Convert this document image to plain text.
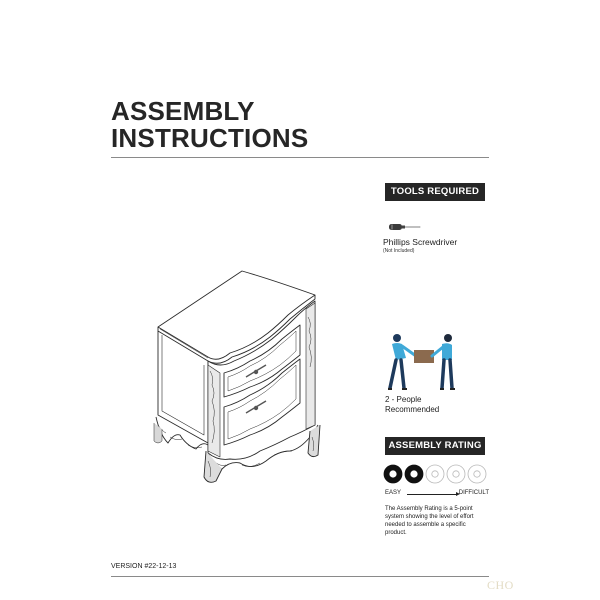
ASSEMBLY
INSTRUCTIONS
TOOLS REQUIRED
Phillips Screwdriver
(Not Included)
2 - People
Recommended
ASSEMBLY RATING
EASY	DIFFICULT
The Assembly Rating is a 5-point system showing the level of effort needed to assemble a specific product.
VERSION #22-12-13
CHO
